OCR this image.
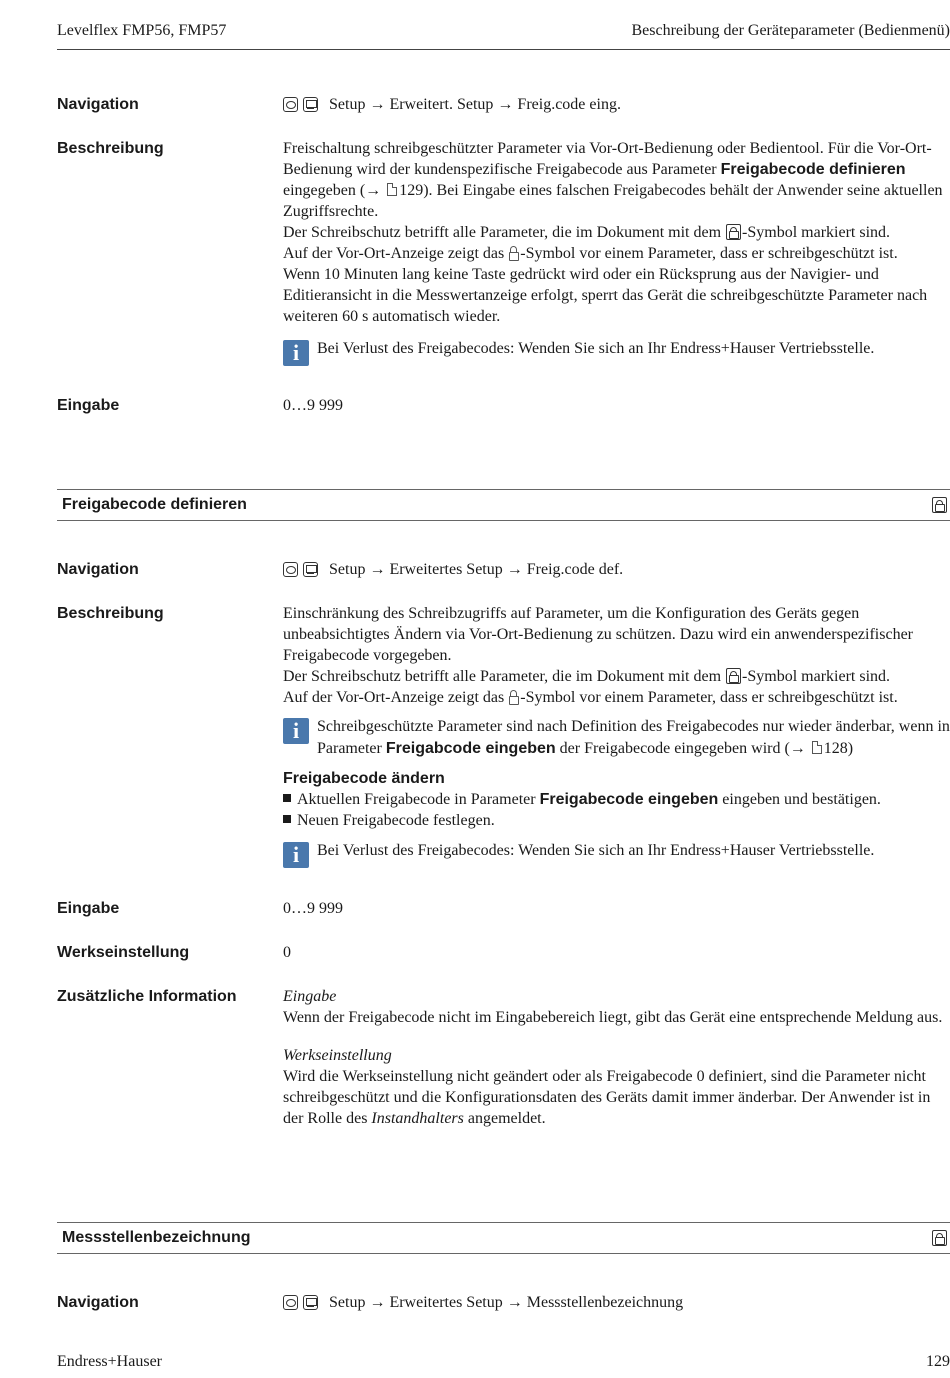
Levelflex FMP56, FMP57	Beschreibung der Geräteparameter (Bedienmenü)
Navigation	Setup → Erweitert. Setup → Freig.code eing.
Beschreibung	Freischaltung schreibgeschützter Parameter via Vor-Ort-Bedienung oder Bedientool. Für die Vor-Ort-Bedienung wird der kundenspezifische Freigabecode aus Parameter Freigabecode definieren eingegeben (→ 129). Bei Eingabe eines falschen Freigabecodes behält der Anwender seine aktuellen Zugriffsrechte.
Der Schreibschutz betrifft alle Parameter, die im Dokument mit dem -Symbol markiert sind.
Auf der Vor-Ort-Anzeige zeigt das -Symbol vor einem Parameter, dass er schreibgeschützt ist.
Wenn 10 Minuten lang keine Taste gedrückt wird oder ein Rücksprung aus der Navigier- und Editieransicht in die Messwertanzeige erfolgt, sperrt das Gerät die schreibgeschützte Parameter nach weiteren 60 s automatisch wieder.
i	Bei Verlust des Freigabecodes: Wenden Sie sich an Ihr Endress+Hauser Vertriebsstelle.
Eingabe	0…9 999
Freigabecode definieren
Navigation	Setup → Erweitertes Setup → Freig.code def.
Beschreibung	Einschränkung des Schreibzugriffs auf Parameter, um die Konfiguration des Geräts gegen unbeabsichtigtes Ändern via Vor-Ort-Bedienung zu schützen. Dazu wird ein anwenderspezifischer Freigabecode vorgegeben.
Der Schreibschutz betrifft alle Parameter, die im Dokument mit dem -Symbol markiert sind.
Auf der Vor-Ort-Anzeige zeigt das -Symbol vor einem Parameter, dass er schreibgeschützt ist.
i	Schreibgeschützte Parameter sind nach Definition des Freigabecodes nur wieder änderbar, wenn in Parameter Freigabcode eingeben der Freigabecode eingegeben wird (→ 128)
Freigabecode ändern
Aktuellen Freigabecode in Parameter Freigabecode eingeben eingeben und bestätigen.
Neuen Freigabecode festlegen.
i	Bei Verlust des Freigabecodes: Wenden Sie sich an Ihr Endress+Hauser Vertriebsstelle.
Eingabe	0…9 999
Werkseinstellung	0
Zusätzliche Information	Eingabe
Wenn der Freigabecode nicht im Eingabebereich liegt, gibt das Gerät eine entsprechende Meldung aus.
Werkseinstellung
Wird die Werkseinstellung nicht geändert oder als Freigabecode 0 definiert, sind die Parameter nicht schreibgeschützt und die Konfigurationsdaten des Geräts damit immer änderbar. Der Anwender ist in der Rolle des Instandhalters angemeldet.
Messstellenbezeichnung
Navigation	Setup → Erweitertes Setup → Messstellenbezeichnung
Endress+Hauser	129
